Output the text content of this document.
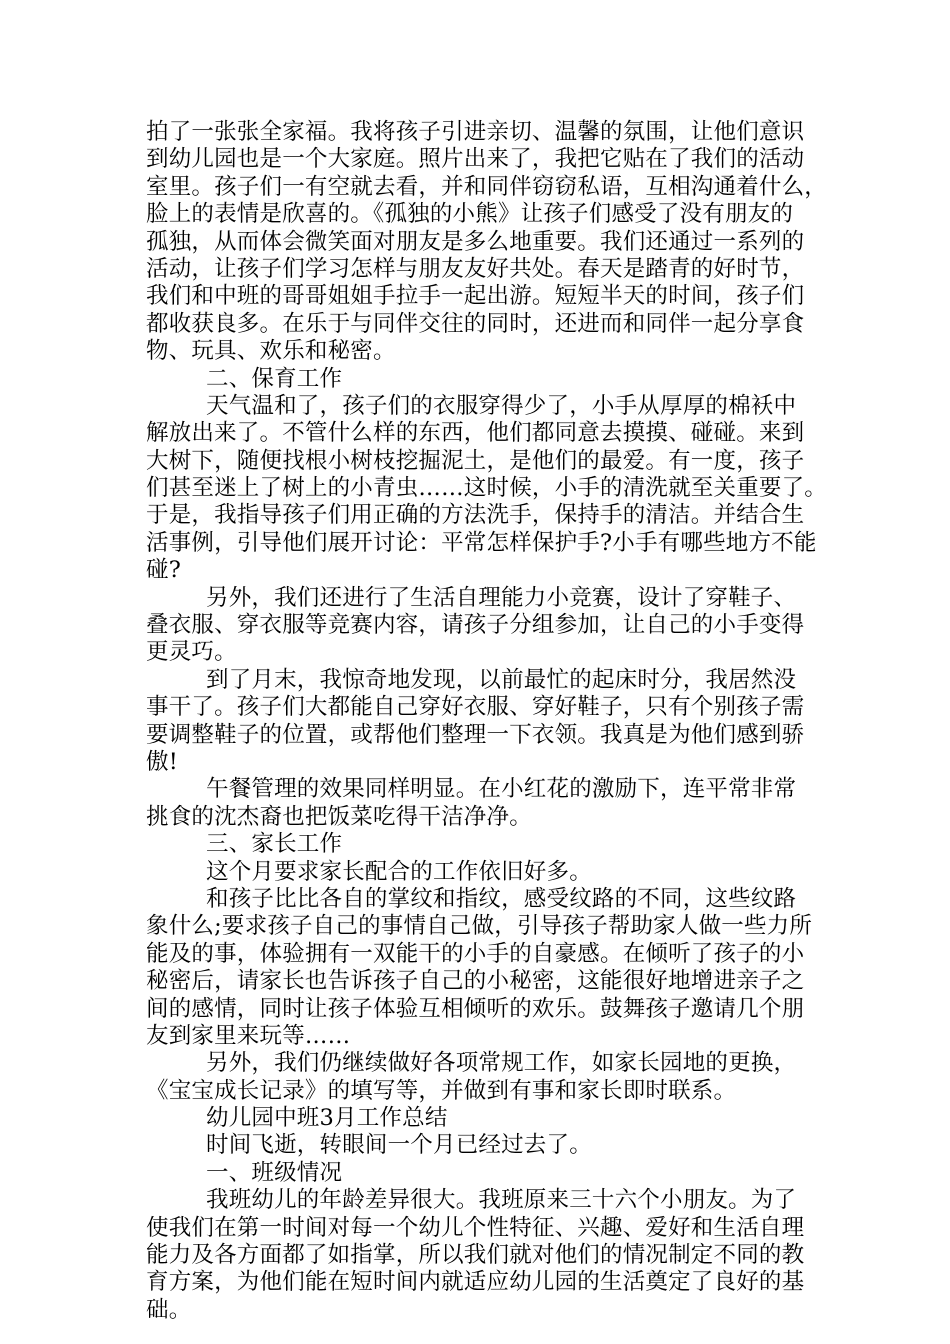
拍了一张张全家福。我将孩子引进亲切、温馨的氛围，让他们意识
到幼儿园也是一个大家庭。照片出来了，我把它贴在了我们的活动
室里。孩子们一有空就去看，并和同伴窃窃私语，互相沟通着什么，
脸上的表情是欣喜的。《孤独的小熊》让孩子们感受了没有朋友的
孤独，从而体会微笑面对朋友是多么地重要。我们还通过一系列的
活动，让孩子们学习怎样与朋友友好共处。春天是踏青的好时节，
我们和中班的哥哥姐姐手拉手一起出游。短短半天的时间，孩子们
都收获良多。在乐于与同伴交往的同时，还进而和同伴一起分享食
物、玩具、欢乐和秘密。
二、保育工作
天气温和了，孩子们的衣服穿得少了，小手从厚厚的棉袄中
解放出来了。不管什么样的东西，他们都同意去摸摸、碰碰。来到
大树下，随便找根小树枝挖掘泥土，是他们的最爱。有一度，孩子
们甚至迷上了树上的小青虫……这时候，小手的清洗就至关重要了。
于是，我指导孩子们用正确的方法洗手，保持手的清洁。并结合生
活事例，引导他们展开讨论：平常怎样保护手?小手有哪些地方不能
碰?
另外，我们还进行了生活自理能力小竞赛，设计了穿鞋子、
叠衣服、穿衣服等竞赛内容，请孩子分组参加，让自己的小手变得
更灵巧。
到了月末，我惊奇地发现，以前最忙的起床时分，我居然没
事干了。孩子们大都能自己穿好衣服、穿好鞋子，只有个别孩子需
要调整鞋子的位置，或帮他们整理一下衣领。我真是为他们感到骄
傲!
午餐管理的效果同样明显。在小红花的激励下，连平常非常
挑食的沈杰裔也把饭菜吃得干洁净净。
三、家长工作
这个月要求家长配合的工作依旧好多。
和孩子比比各自的掌纹和指纹，感受纹路的不同，这些纹路
象什么;要求孩子自己的事情自己做，引导孩子帮助家人做一些力所
能及的事，体验拥有一双能干的小手的自豪感。在倾听了孩子的小
秘密后，请家长也告诉孩子自己的小秘密，这能很好地增进亲子之
间的感情，同时让孩子体验互相倾听的欢乐。鼓舞孩子邀请几个朋
友到家里来玩等……
另外，我们仍继续做好各项常规工作，如家长园地的更换，
《宝宝成长记录》的填写等，并做到有事和家长即时联系。
幼儿园中班3月工作总结
时间飞逝，转眼间一个月已经过去了。
一、班级情况
我班幼儿的年龄差异很大。我班原来三十六个小朋友。为了
使我们在第一时间对每一个幼儿个性特征、兴趣、爱好和生活自理
能力及各方面都了如指掌，所以我们就对他们的情况制定不同的教
育方案，为他们能在短时间内就适应幼儿园的生活奠定了良好的基
础。
